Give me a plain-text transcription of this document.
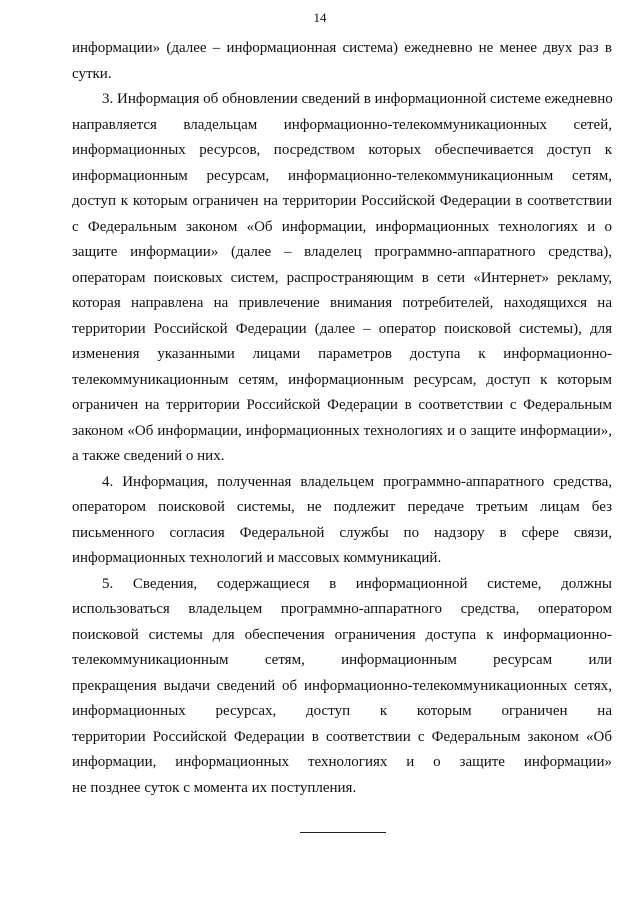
14
информации» (далее – информационная система) ежедневно не менее двух раз в
сутки.
3. Информация об обновлении сведений в информационной системе ежедневно
направляется владельцам информационно-телекоммуникационных сетей,
информационных ресурсов, посредством которых обеспечивается доступ к
информационным ресурсам, информационно-телекоммуникационным сетям,
доступ к которым ограничен на территории Российской Федерации в соответствии
с Федеральным законом «Об информации, информационных технологиях и о
защите информации» (далее – владелец программно-аппаратного средства),
операторам поисковых систем, распространяющим в сети «Интернет» рекламу,
которая направлена на привлечение внимания потребителей, находящихся на
территории Российской Федерации (далее – оператор поисковой системы), для
изменения указанными лицами параметров доступа к информационно-
телекоммуникационным сетям, информационным ресурсам, доступ к которым
ограничен на территории Российской Федерации в соответствии с Федеральным
законом «Об информации, информационных технологиях и о защите информации»,
а также сведений о них.
4. Информация, полученная владельцем программно-аппаратного средства,
оператором поисковой системы, не подлежит передаче третьим лицам без
письменного согласия Федеральной службы по надзору в сфере связи,
информационных технологий и массовых коммуникаций.
5. Сведения, содержащиеся в информационной системе, должны
использоваться владельцем программно-аппаратного средства, оператором
поисковой системы для обеспечения ограничения доступа к информационно-
телекоммуникационным сетям, информационным ресурсам или
прекращения выдачи сведений об информационно-телекоммуникационных сетях,
информационных ресурсах, доступ к которым ограничен на
территории Российской Федерации в соответствии с Федеральным законом «Об
информации, информационных технологиях и о защите информации»
не позднее суток с момента их поступления.
